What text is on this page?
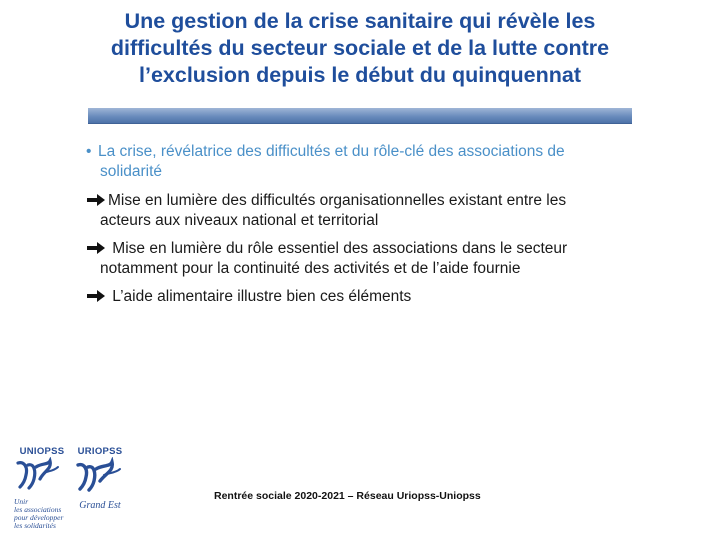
Une gestion de la crise sanitaire qui révèle les
difficultés du secteur sociale et de la lutte contre
l’exclusion depuis le début du quinquennat
• La crise, révélatrice des difficultés et du rôle-clé des associations de
solidarité
Mise en lumière des difficultés organisationnelles existant entre les
acteurs aux niveaux national et territorial
Mise en lumière du rôle essentiel des associations dans le secteur
notamment pour la continuité des activités et de l’aide fournie
L’aide alimentaire illustre bien ces éléments
UNIOPSS
Unir
les associations
pour développer
les solidarités
URIOPSS
Grand Est
Rentrée sociale 2020-2021 – Réseau Uriopss-Uniopss
